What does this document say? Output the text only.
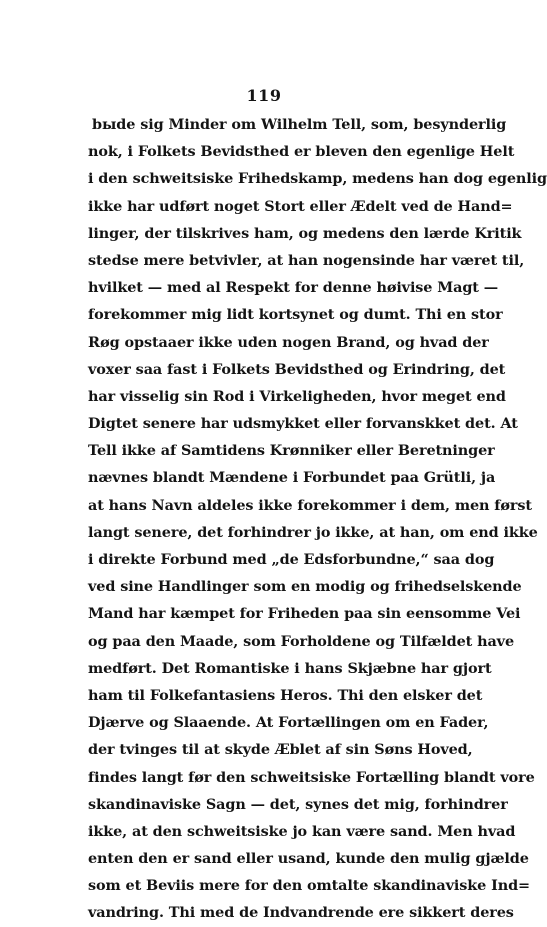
119
bыde sig Minder om Wilhelm Tell, som, besynderlig
nok, i Folkets Bevidsthed er bleven den egenlige Helt
i den schweitsiske Frihedskamp, medens han dog egenlig
ikke har udført noget Stort eller Ædelt ved de Hand=
linger, der tilskrives ham, og medens den lærde Kritik
stedse mere betvivler, at han nogensinde har været til,
hvilket — med al Respekt for denne høivise Magt —
forekommer mig lidt kortsynet og dumt. Thi en stor
Røg opstaaer ikke uden nogen Brand, og hvad der
voxer saa fast i Folkets Bevidsthed og Erindring, det
har visselig sin Rod i Virkeligheden, hvor meget end
Digtet senere har udsmykket eller forvanskket det. At
Tell ikke af Samtidens Krønniker eller Beretninger
nævnes blandt Mændene i Forbundet paa Grütli, ja
at hans Navn aldeles ikke forekommer i dem, men først
langt senere, det forhindrer jo ikke, at han, om end ikke
i direkte Forbund med „de Edsforbundne,“ saa dog
ved sine Handlinger som en modig og frihedselskende
Mand har kæmpet for Friheden paa sin eensomme Vei
og paa den Maade, som Forholdene og Tilfældet have
medført. Det Romantiske i hans Skjæbne har gjort
ham til Folkefantasiens Heros. Thi den elsker det
Djærve og Slaaende. At Fortællingen om en Fader,
der tvinges til at skyde Æblet af sin Søns Hoved,
findes langt før den schweitsiske Fortælling blandt vore
skandinaviske Sagn — det, synes det mig, forhindrer
ikke, at den schweitsiske jo kan være sand. Men hvad
enten den er sand eller usand, kunde den mulig gjælde
som et Beviis mere for den omtalte skandinaviske Ind=
vandring. Thi med de Indvandrende ere sikkert deres
